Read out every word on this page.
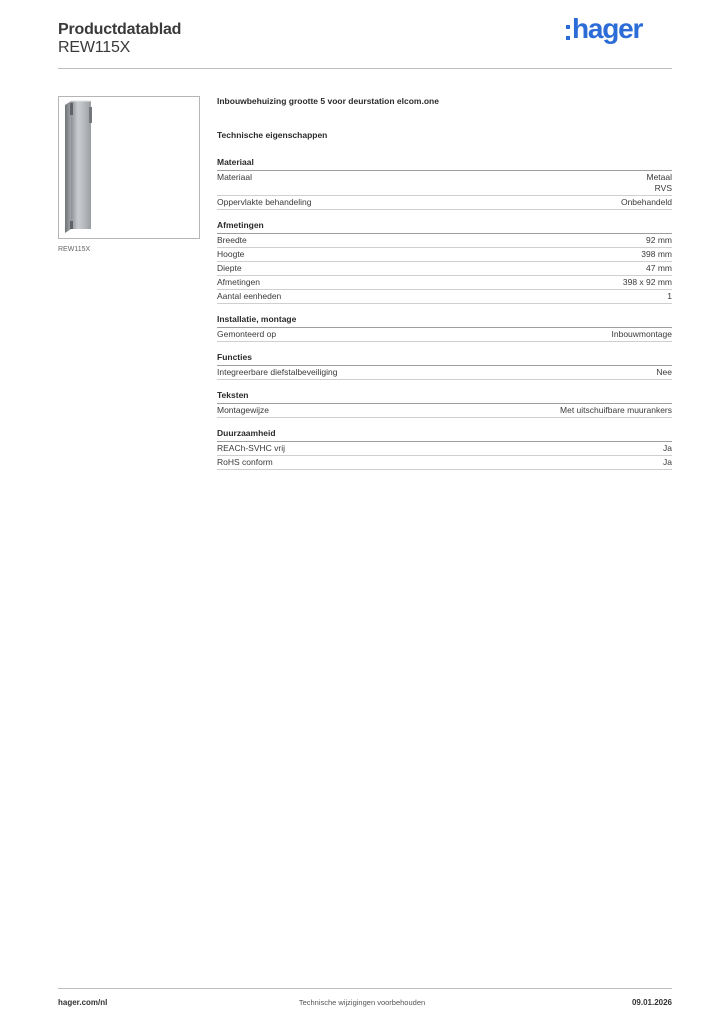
Productdatablad
REW115X
hager
REW115X
Inbouwbehuizing grootte 5 voor deurstation elcom.one
Technische eigenschappen
Materiaal
Materiaal	Metaal
RVS
Oppervlakte behandeling	Onbehandeld
Afmetingen
Breedte	92 mm
Hoogte	398 mm
Diepte	47 mm
Afmetingen	398 x 92 mm
Aantal eenheden	1
Installatie, montage
Gemonteerd op	Inbouwmontage
Functies
Integreerbare diefstalbeveiliging	Nee
Teksten
Montagewijze	Met uitschuifbare muurankers
Duurzaamheid
REACh-SVHC vrij	Ja
RoHS conform	Ja
hager.com/nl	Technische wijzigingen voorbehouden	09.01.2026
